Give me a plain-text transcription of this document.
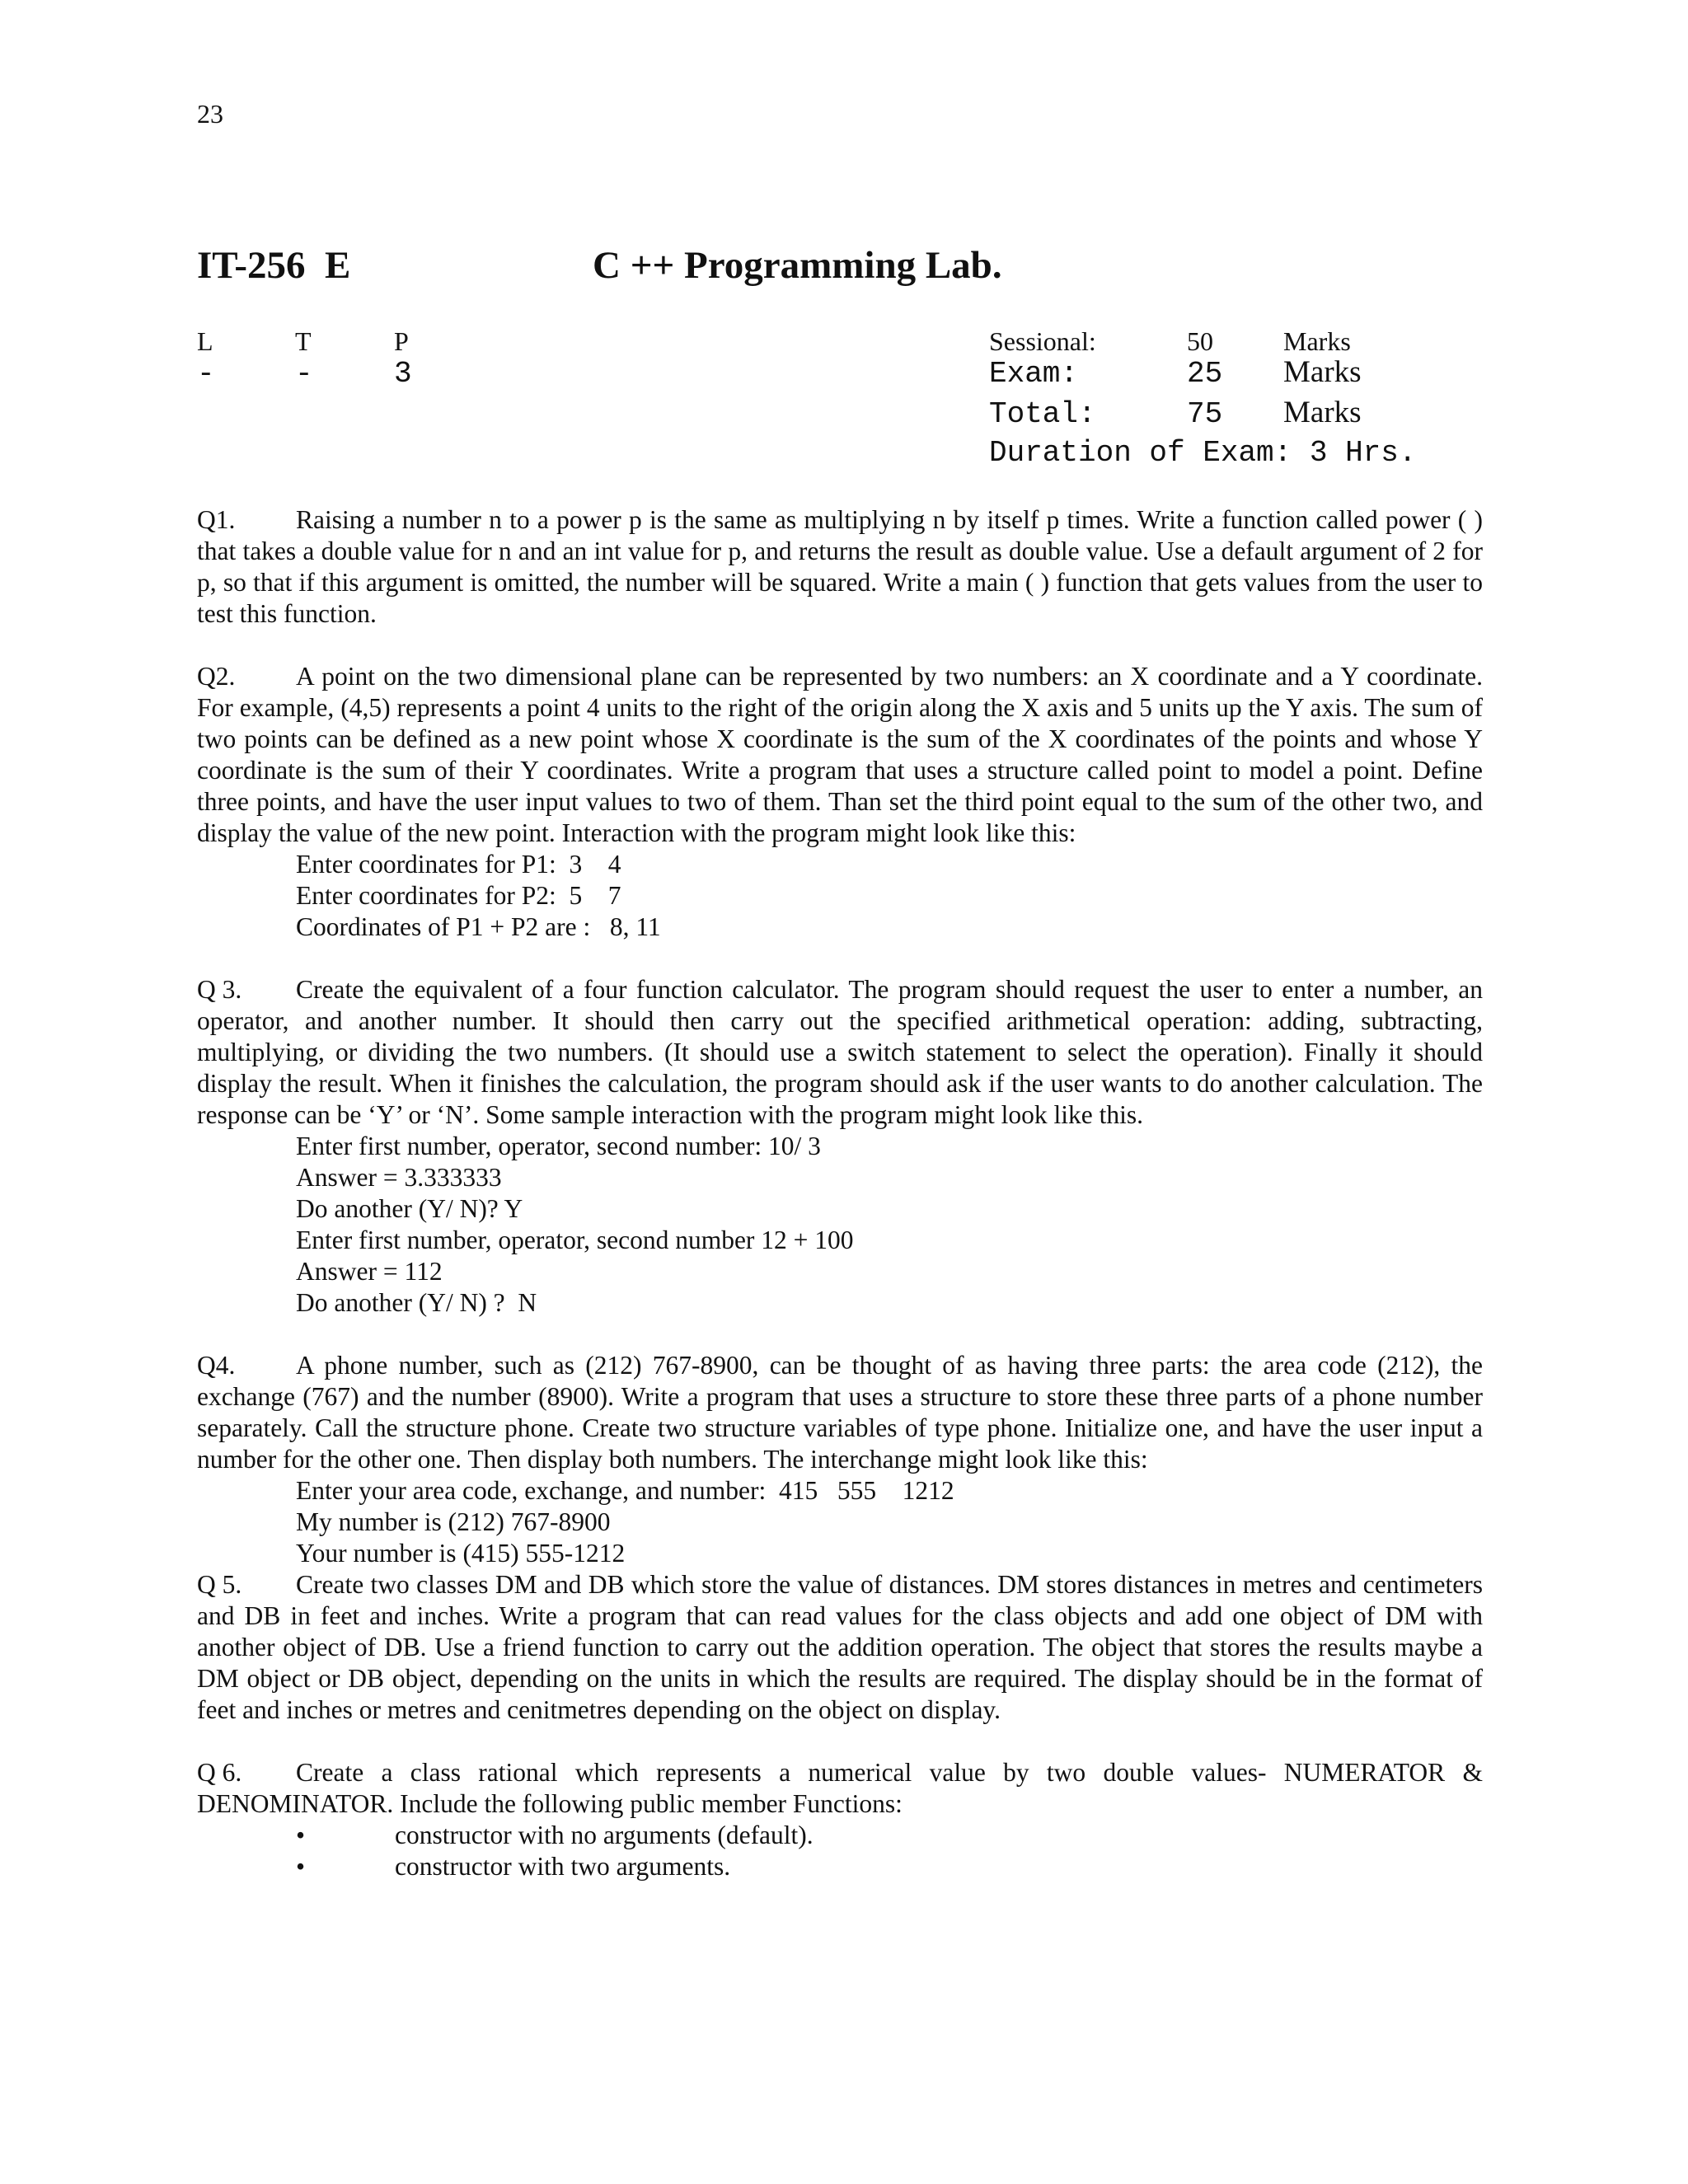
23
IT-256  E	C ++ Programming Lab.
L	T	P
-	-	3
Sessional:	50	Marks
Exam:	25 Marks
Total:	75 Marks
Duration of Exam: 3 Hrs.

Q1. Raising a number n to a power p is the same as multiplying n by itself p times. Write a function called power ( ) that takes a double value for n and an int value for p, and returns the result as double value. Use a default argument of 2 for p, so that if this argument is omitted, the number will be squared. Write a main ( ) function that gets values from the user to test this function.

Q2. A point on the two dimensional plane can be represented by two numbers: an X coordinate and a Y coordinate. For example, (4,5) represents a point 4 units to the right of the origin along the X axis and 5 units up the Y axis. The sum of two points can be defined as a new point whose X coordinate is the sum of the X coordinates of the points and whose Y coordinate is the sum of their Y coordinates. Write a program that uses a structure called point to model a point. Define three points, and have the user input values to two of them. Than set the third point equal to the sum of the other two, and display the value of the new point. Interaction with the program might look like this:

Enter coordinates for P1:  3    4
Enter coordinates for P2:  5    7
Coordinates of P1 + P2 are :   8, 11

Q 3. Create the equivalent of a four function calculator. The program should request the user to enter a number, an operator, and another number. It should then carry out the specified arithmetical operation: adding, subtracting, multiplying, or dividing the two numbers. (It should use a switch statement to select the operation). Finally it should display the result. When it finishes the calculation, the program should ask if the user wants to do another calculation. The response can be ‘Y’ or ‘N’. Some sample interaction with the program might look like this.

Enter first number, operator, second number: 10/ 3
Answer = 3.333333
Do another (Y/ N)? Y
Enter first number, operator, second number 12 + 100
Answer = 112
Do another (Y/ N) ?  N

Q4. A phone number, such as (212) 767-8900, can be thought of as having three parts: the area code (212), the exchange (767) and the number (8900). Write a program that uses a structure to store these three parts of a phone number separately. Call the structure phone. Create two structure variables of type phone. Initialize one, and have the user input a number for the other one. Then display both numbers. The interchange might look like this:

Enter your area code, exchange, and number:  415   555    1212
My number is (212) 767-8900
Your number is (415) 555-1212

Q 5. Create two classes DM and DB which store the value of distances. DM stores distances in metres and centimeters and DB in feet and inches. Write a program that can read values for the class objects and add one object of DM with another object of DB. Use a friend function to carry out the addition operation. The object that stores the results maybe a DM object or DB object, depending on the units in which the results are required. The display should be in the format of feet and inches or metres and cenitmetres depending on the object on display.

Q 6. Create a class rational which represents a numerical value by two double values- NUMERATOR & DENOMINATOR. Include the following public member Functions:

•	constructor with no arguments (default).
•	constructor with two arguments.
